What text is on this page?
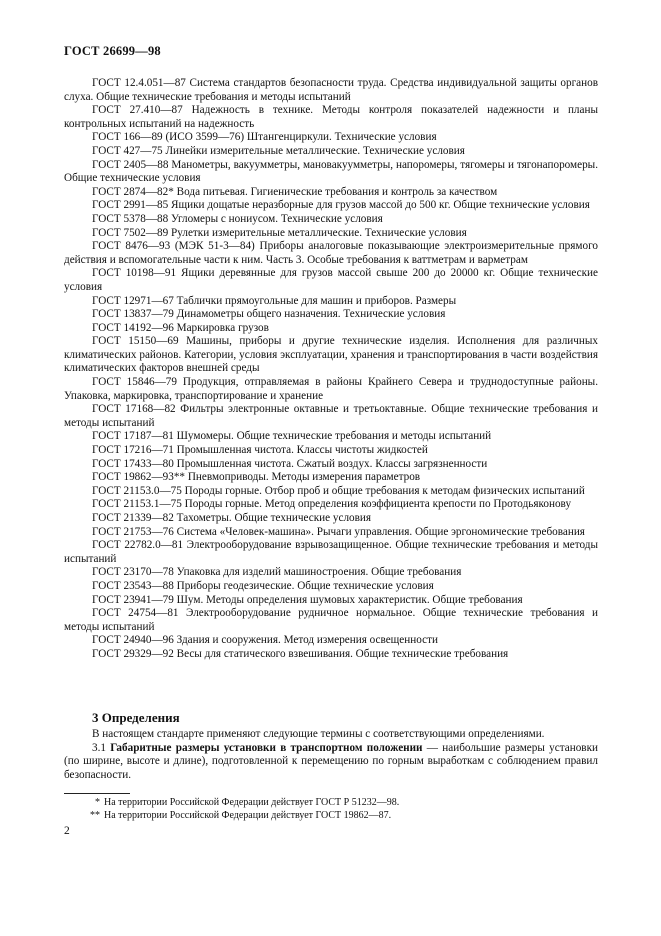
ГОСТ 26699—98

ГОСТ 12.4.051—87 Система стандартов безопасности труда. Средства индивидуальной защиты органов слуха. Общие технические требования и методы испытаний

ГОСТ 27.410—87 Надежность в технике. Методы контроля показателей надежности и планы контрольных испытаний на надежность

ГОСТ 166—89 (ИСО 3599—76) Штангенциркули. Технические условия

ГОСТ 427—75 Линейки измерительные металлические. Технические условия

ГОСТ 2405—88 Манометры, вакуумметры, мановакуумметры, напоромеры, тягомеры и тягонапоромеры. Общие технические условия

ГОСТ 2874—82* Вода питьевая. Гигиенические требования и контроль за качеством

ГОСТ 2991—85 Ящики дощатые неразборные для грузов массой до 500 кг. Общие технические условия

ГОСТ 5378—88 Угломеры с нониусом. Технические условия

ГОСТ 7502—89 Рулетки измерительные металлические. Технические условия

ГОСТ 8476—93 (МЭК 51-3—84) Приборы аналоговые показывающие электроизмерительные прямого действия и вспомогательные части к ним. Часть 3. Особые требования к ваттметрам и варметрам

ГОСТ 10198—91 Ящики деревянные для грузов массой свыше 200 до 20000 кг. Общие технические условия

ГОСТ 12971—67 Таблички прямоугольные для машин и приборов. Размеры

ГОСТ 13837—79 Динамометры общего назначения. Технические условия

ГОСТ 14192—96 Маркировка грузов

ГОСТ 15150—69 Машины, приборы и другие технические изделия. Исполнения для различных климатических районов. Категории, условия эксплуатации, хранения и транспортирования в части воздействия климатических факторов внешней среды

ГОСТ 15846—79 Продукция, отправляемая в районы Крайнего Севера и труднодоступные районы. Упаковка, маркировка, транспортирование и хранение

ГОСТ 17168—82 Фильтры электронные октавные и третьоктавные. Общие технические требования и методы испытаний

ГОСТ 17187—81 Шумомеры. Общие технические требования и методы испытаний

ГОСТ 17216—71 Промышленная чистота. Классы чистоты жидкостей

ГОСТ 17433—80 Промышленная чистота. Сжатый воздух. Классы загрязненности

ГОСТ 19862—93** Пневмоприводы. Методы измерения параметров

ГОСТ 21153.0—75 Породы горные. Отбор проб и общие требования к методам физических испытаний

ГОСТ 21153.1—75 Породы горные. Метод определения коэффициента крепости по Протодьяконову

ГОСТ 21339—82 Тахометры. Общие технические условия

ГОСТ 21753—76 Система «Человек-машина». Рычаги управления. Общие эргономические требования

ГОСТ 22782.0—81 Электрооборудование взрывозащищенное. Общие технические требования и методы испытаний

ГОСТ 23170—78 Упаковка для изделий машиностроения. Общие требования

ГОСТ 23543—88 Приборы геодезические. Общие технические условия

ГОСТ 23941—79 Шум. Методы определения шумовых характеристик. Общие требования

ГОСТ 24754—81 Электрооборудование рудничное нормальное. Общие технические требования и методы испытаний

ГОСТ 24940—96 Здания и сооружения. Метод измерения освещенности

ГОСТ 29329—92 Весы для статического взвешивания. Общие технические требования

3 Определения

В настоящем стандарте применяют следующие термины с соответствующими определениями.

3.1 Габаритные размеры установки в транспортном положении — наибольшие размеры установки (по ширине, высоте и длине), подготовленной к перемещению по горным выработкам с соблюдением правил безопасности.

* На территории Российской Федерации действует ГОСТ Р 51232—98.

** На территории Российской Федерации действует ГОСТ 19862—87.

2
